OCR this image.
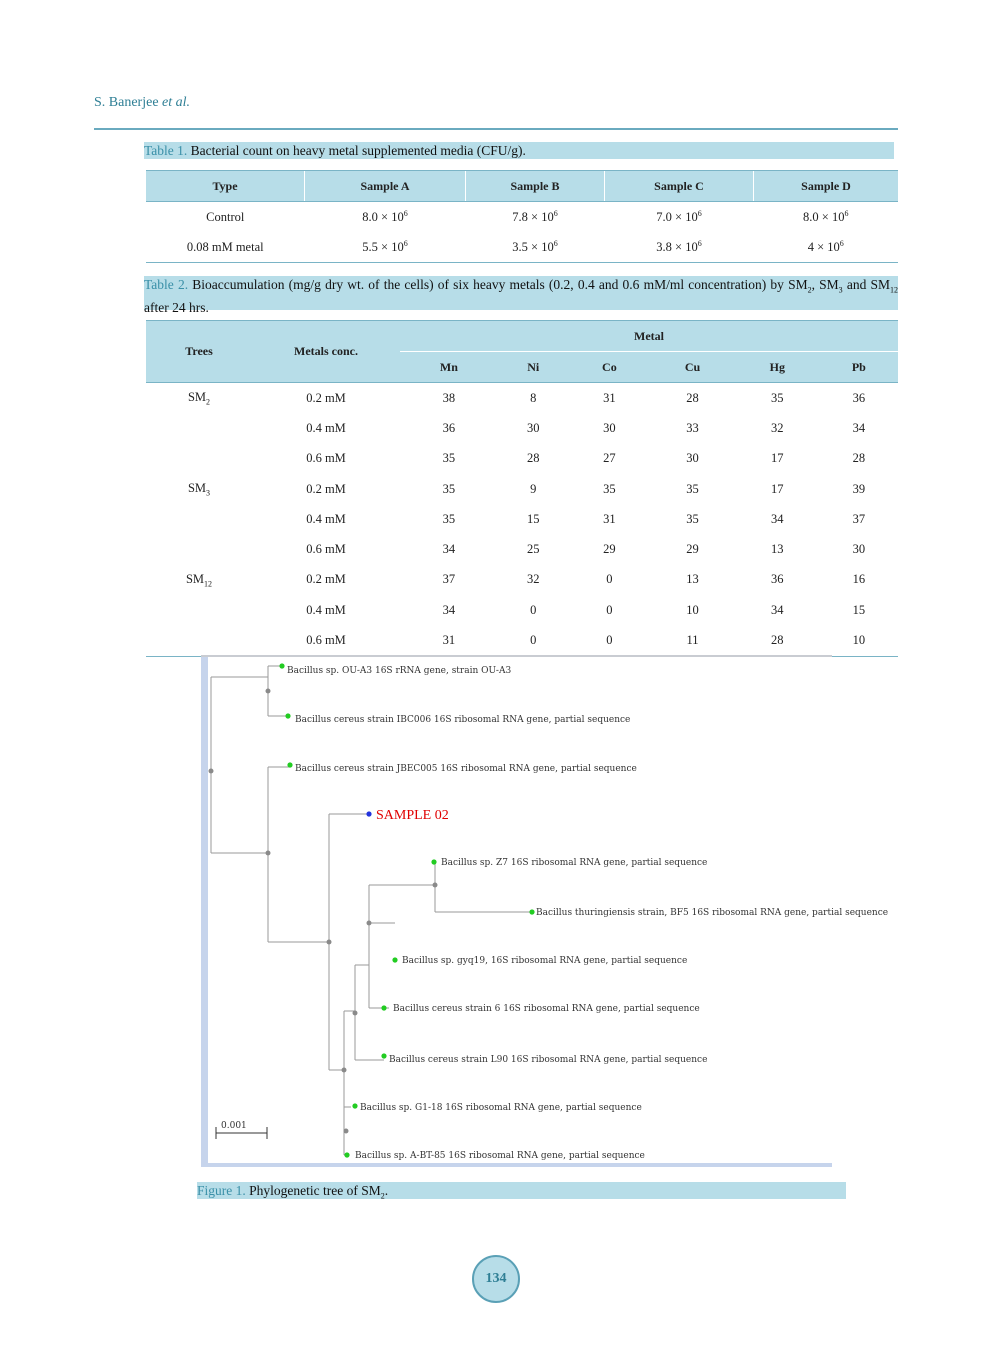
S. Banerjee et al.
Table 1. Bacterial count on heavy metal supplemented media (CFU/g).
Type	Sample A	Sample B	Sample C	Sample D
Control	$8.0 \times 10^6$	$7.8 \times 10^6$	$7.0 \times 10^6$	$8.0 \times 10^6$
0.08 mM metal	$5.5 \times 10^6$	$3.5 \times 10^6$	$3.8 \times 10^6$	$4 \times 10^6$
Table 2. Bioaccumulation (mg/g dry wt. of the cells) of six heavy metals (0.2, 0.4 and 0.6 mM/ml concentration) by $SM_2$, $SM_3$ and $SM_{12}$ after 24 hrs.
Trees	Metals conc.	Metal					
		Mn	Ni	Co	Cu	Hg	Pb
$SM_2$	0.2 mM	38	8	31	28	35	36
	0.4 mM	36	30	30	33	32	34
	0.6 mM	35	28	27	30	17	28
$SM_3$	0.2 mM	35	9	35	35	17	39
	0.4 mM	35	15	31	35	34	37
	0.6 mM	34	25	29	29	13	30
$SM_{12}$	0.2 mM	37	32	0	13	36	16
	0.4 mM	34	0	0	10	34	15
	0.6 mM	31	0	0	11	28	10
0.001
Bacillus sp. OU-A3 16S rRNA gene, strain OU-A3
Bacillus cereus strain IBC006 16S ribosomal RNA gene, partial sequence
Bacillus cereus strain JBEC005 16S ribosomal RNA gene, partial sequence
SAMPLE 02
Bacillus sp. Z7 16S ribosomal RNA gene, partial sequence
Bacillus thuringiensis strain, BF5 16S ribosomal RNA gene, partial sequence
Bacillus sp. gyq19, 16S ribosomal RNA gene, partial sequence
Bacillus cereus strain 6 16S ribosomal RNA gene, partial sequence
Bacillus cereus strain L90 16S ribosomal RNA gene, partial sequence
Bacillus sp. G1-18 16S ribosomal RNA gene, partial sequence
Bacillus sp. A-BT-85 16S ribosomal RNA gene, partial sequence
Figure 1. Phylogenetic tree of $SM_2$.
134
